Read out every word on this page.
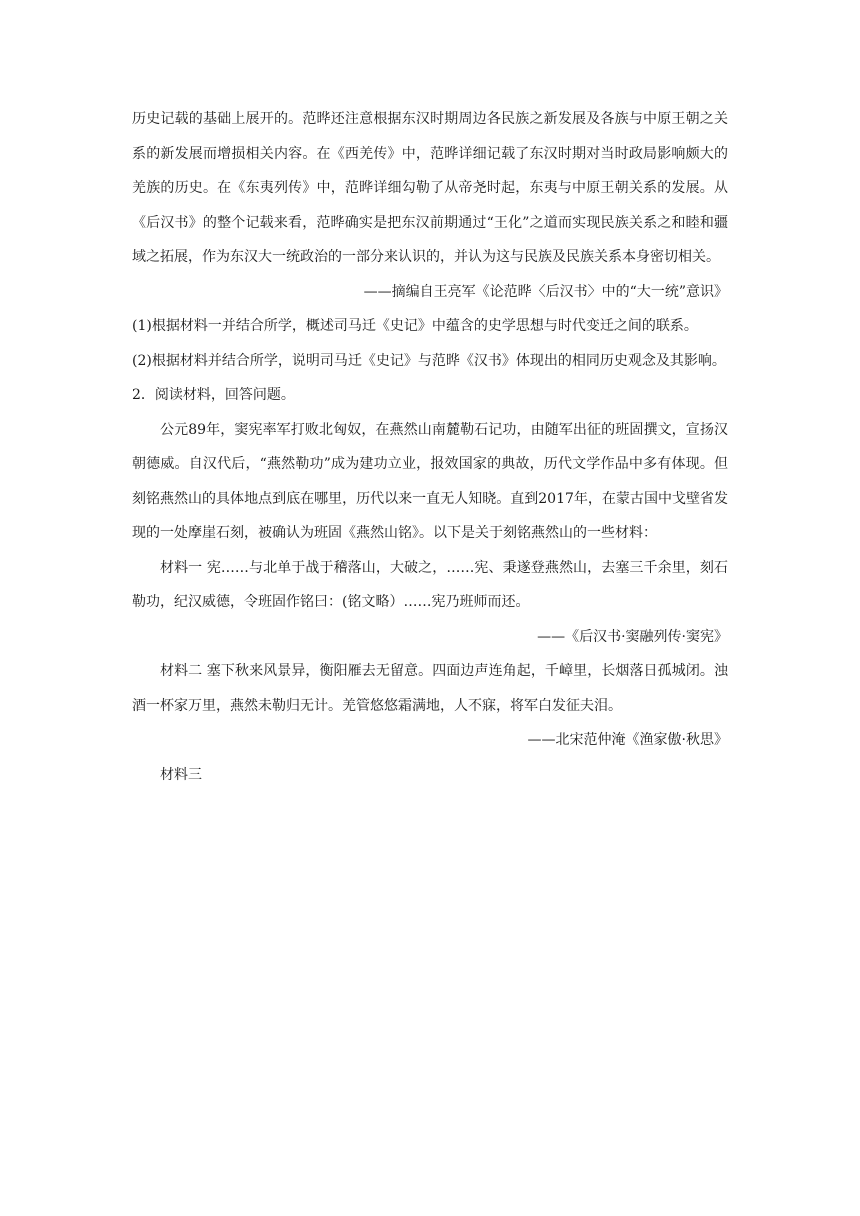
历史记载的基础上展开的。范晔还注意根据东汉时期周边各民族之新发展及各族与中原王朝之关系的新发展而增损相关内容。在《西羌传》中，范晔详细记载了东汉时期对当时政局影响颇大的羌族的历史。在《东夷列传》中，范晔详细勾勒了从帝尧时起，东夷与中原王朝关系的发展。从《后汉书》的整个记载来看，范晔确实是把东汉前期通过“王化”之道而实现民族关系之和睦和疆域之拓展，作为东汉大一统政治的一部分来认识的，并认为这与民族及民族关系本身密切相关。

——摘编自王亮军《论范晔〈后汉书〉中的“大一统”意识》

(1)根据材料一并结合所学，概述司马迁《史记》中蕴含的史学思想与时代变迁之间的联系。

(2)根据材料并结合所学，说明司马迁《史记》与范晔《汉书》体现出的相同历史观念及其影响。

2．阅读材料，回答问题。

公元89年，窦宪率军打败北匈奴，在燕然山南麓勒石记功，由随军出征的班固撰文，宣扬汉朝德威。自汉代后，“燕然勒功”成为建功立业，报效国家的典故，历代文学作品中多有体现。但刻铭燕然山的具体地点到底在哪里，历代以来一直无人知晓。直到2017年，在蒙古国中戈壁省发现的一处摩崖石刻，被确认为班固《燕然山铭》。以下是关于刻铭燕然山的一些材料：

材料一 宪……与北单于战于稽落山，大破之，……宪、秉遂登燕然山，去塞三千余里，刻石勒功，纪汉威德，令班固作铭曰：(铭文略）……宪乃班师而还。

——《后汉书·窦融列传·窦宪》

材料二 塞下秋来风景异，衡阳雁去无留意。四面边声连角起，千嶂里，长烟落日孤城闭。浊酒一杯家万里，燕然未勒归无计。羌管悠悠霜满地，人不寐，将军白发征夫泪。

——北宋范仲淹《渔家傲·秋思》

材料三
